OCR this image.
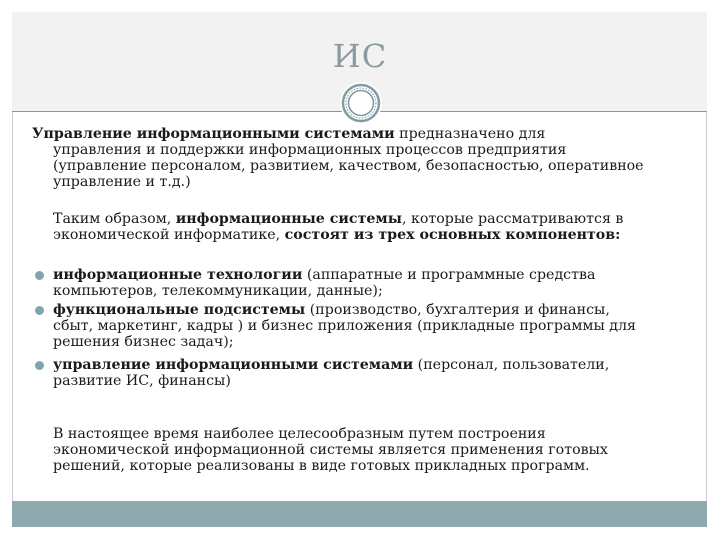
ИС
Управление информационными системами предназначено для
управления и поддержки информационных процессов предприятия
(управление персоналом, развитием, качеством, безопасностью, оперативное
управление и т.д.)
Таким образом, информационные системы, которые рассматриваются в
экономической информатике, состоят из трех основных компонентов:
информационные технологии (аппаратные и программные средства
компьютеров, телекоммуникации, данные);
функциональные подсистемы (производство, бухгалтерия и финансы,
сбыт, маркетинг, кадры ) и бизнес приложения (прикладные программы для
решения бизнес задач);
управление информационными системами (персонал, пользователи,
развитие ИС, финансы)
В настоящее время наиболее целесообразным путем построения
экономической информационной системы является применения готовых
решений, которые реализованы в виде готовых прикладных программ.
